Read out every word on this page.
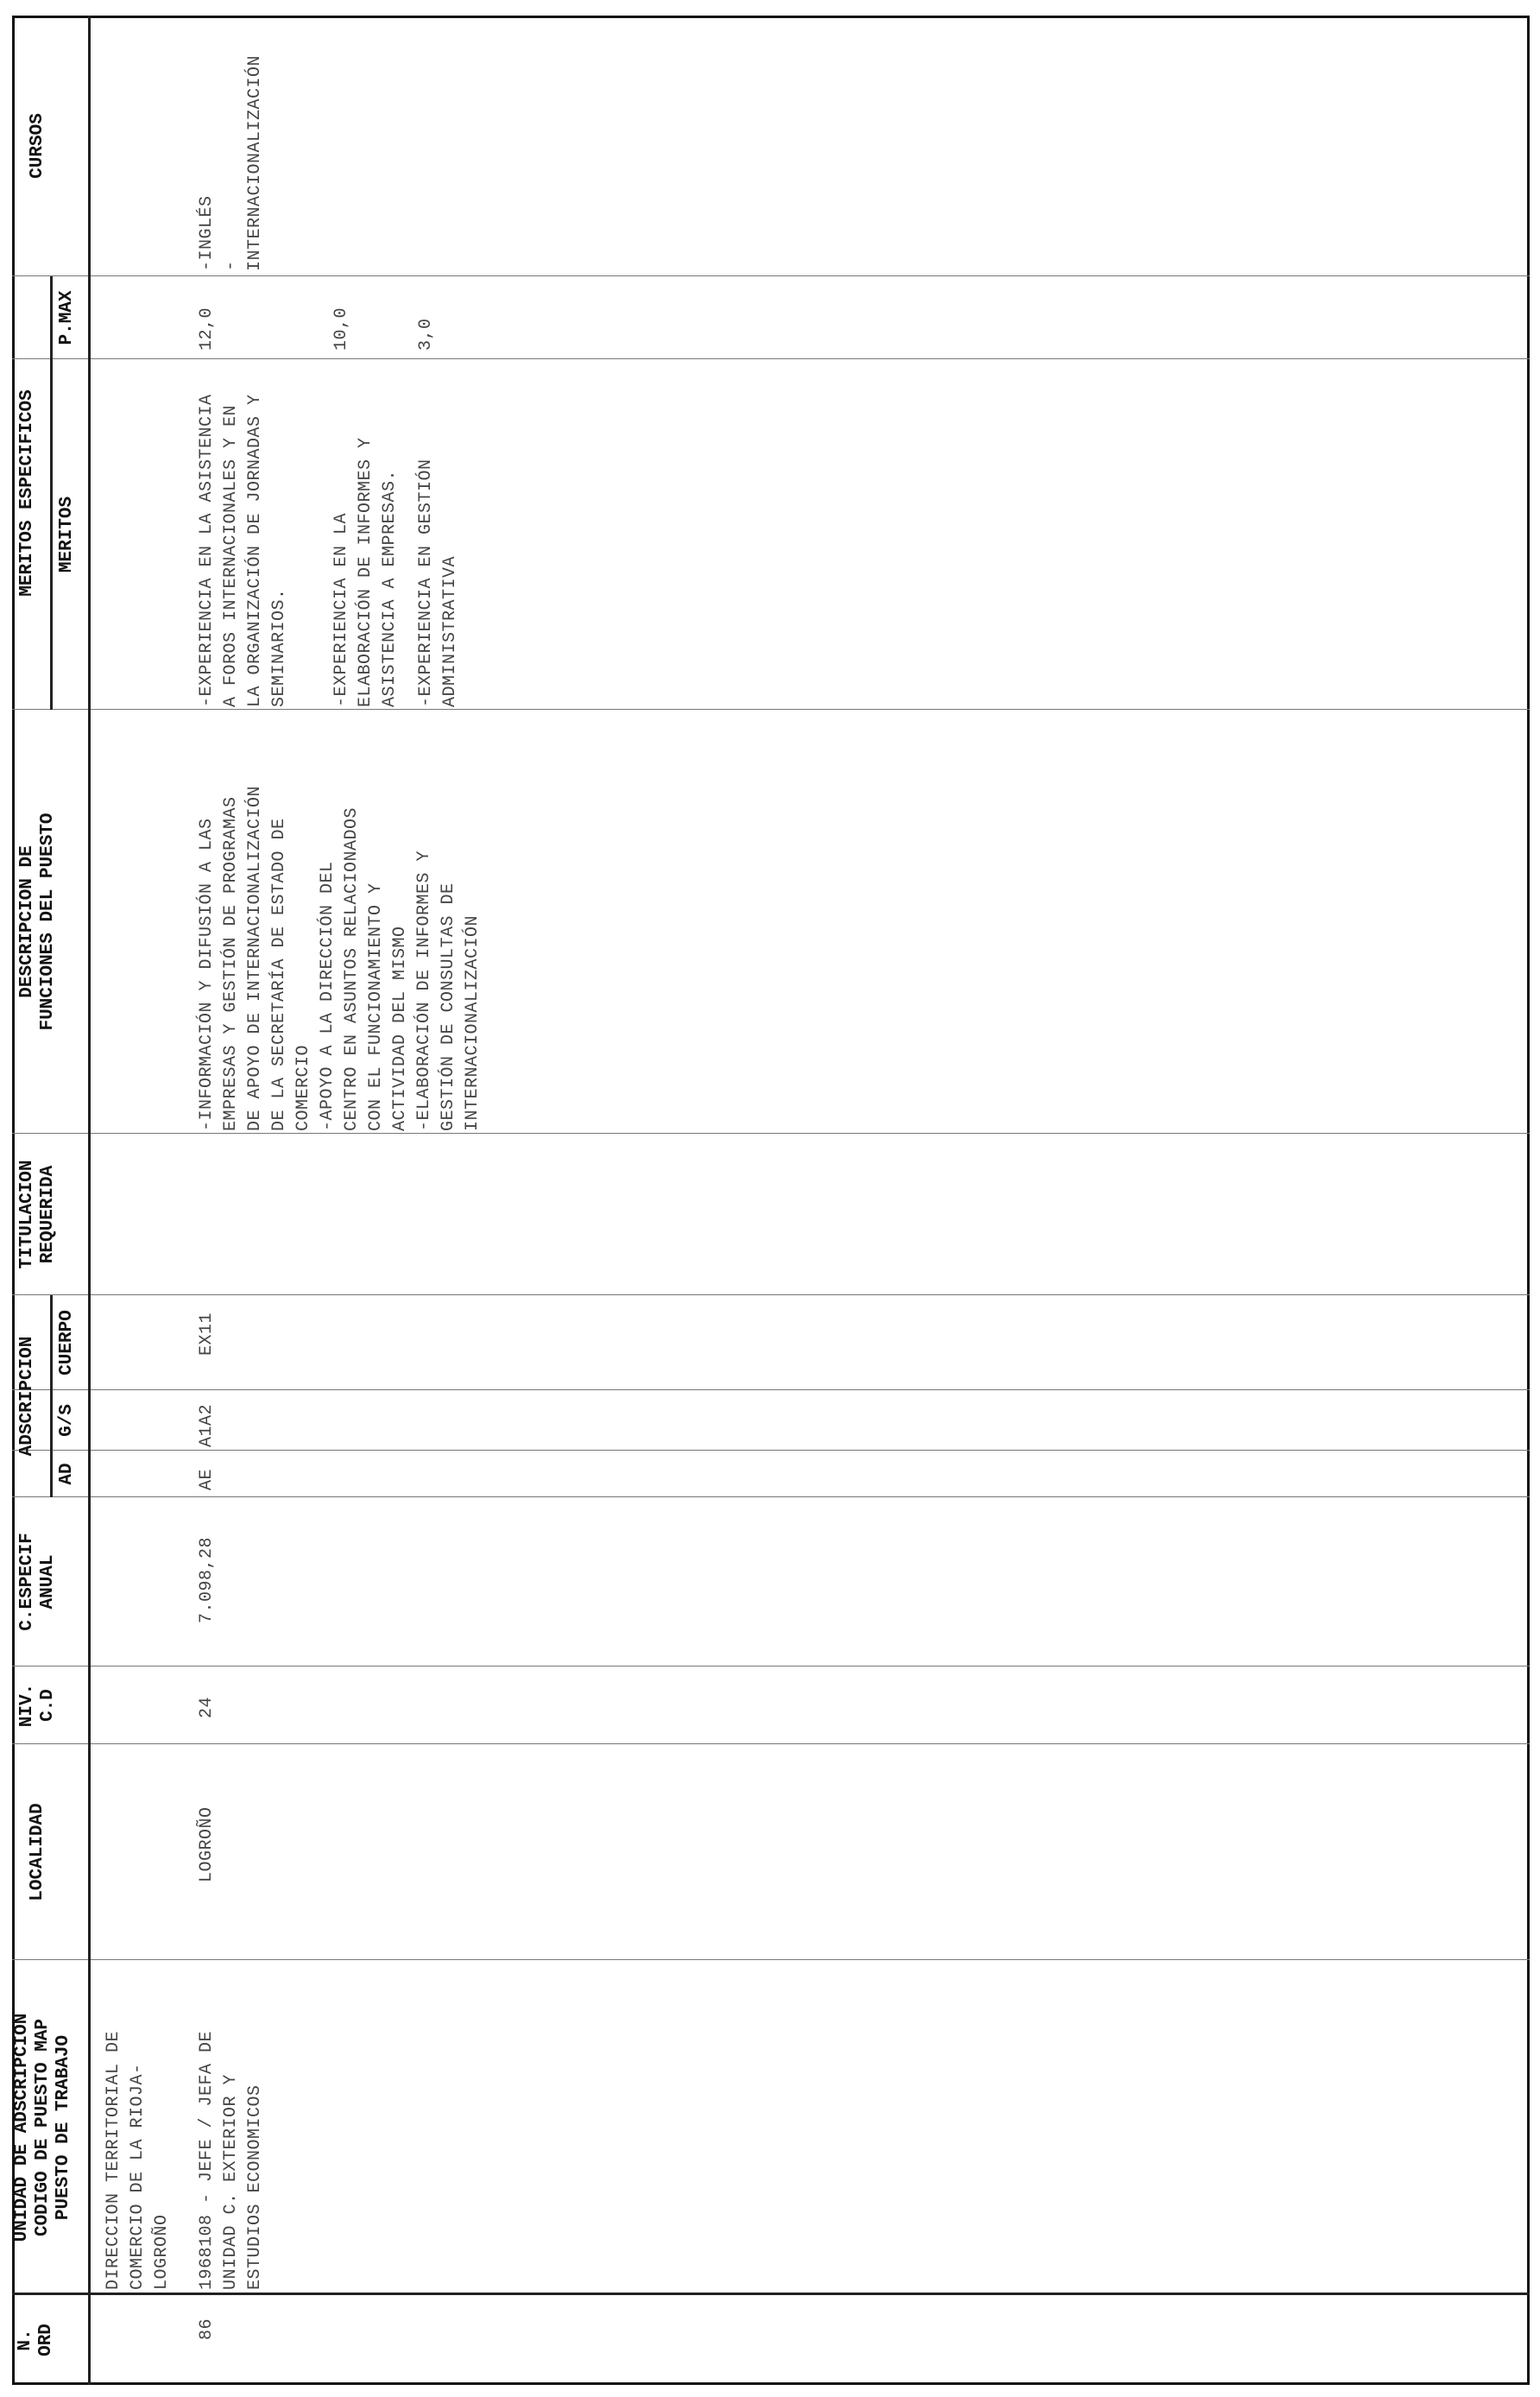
N.
ORD
UNIDAD DE ADSCRIPCION
CODIGO DE PUESTO MAP
PUESTO DE TRABAJO
LOCALIDAD
NIV.
C.D
C.ESPECIF
ANUAL
ADSCRIPCION
AD
G/S
CUERPO
TITULACION
REQUERIDA
DESCRIPCION DE
FUNCIONES DEL PUESTO
MERITOS ESPECIFICOS MERITOS
P.MAX
CURSOS
DIRECCION TERRITORIAL DE
COMERCIO DE LA RIOJA-
LOGROÑO
86
1968108 - JEFE / JEFA DE
UNIDAD C. EXTERIOR Y
ESTUDIOS ECONOMICOS
LOGROÑO
24
7.098,28
AE
A1A2
EX11
-INFORMACIÓN Y DIFUSIÓN A LAS
EMPRESAS Y GESTIÓN DE PROGRAMAS
DE APOYO DE INTERNACIONALIZACIÓN
DE LA SECRETARÍA DE ESTADO DE
COMERCIO
-APOYO A LA DIRECCIÓN DEL
CENTRO EN ASUNTOS RELACIONADOS
CON EL FUNCIONAMIENTO Y
ACTIVIDAD DEL MISMO
-ELABORACIÓN DE INFORMES Y
GESTIÓN DE CONSULTAS DE
INTERNACIONALIZACIÓN
-EXPERIENCIA EN LA ASISTENCIA
A FOROS INTERNACIONALES Y EN
LA ORGANIZACIÓN DE JORNADAS Y
SEMINARIOS.
12,0
-EXPERIENCIA EN LA
ELABORACIÓN DE INFORMES Y
ASISTENCIA A EMPRESAS.
10,0
-EXPERIENCIA EN GESTIÓN
ADMINISTRATIVA
3,0
-INGLÉS
-
INTERNACIONALIZACIÓN
